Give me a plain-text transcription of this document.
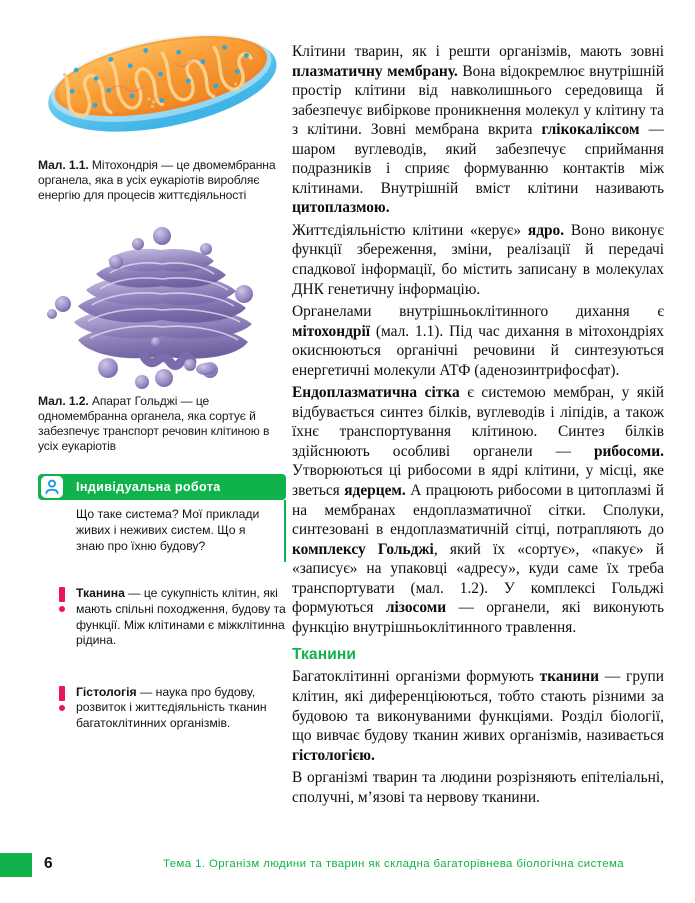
Мал. 1.1. Мітохондрія — це двомембранна органела, яка в усіх еукаріотів виробляє енергію для процесів життєдіяльності
Мал. 1.2. Апарат Гольджі — це одномембранна органела, яка сортує й забезпечує транспорт речовин клітиною в усіх еукаріотів
Індивідуальна робота

Що таке система? Мої приклади живих і неживих систем. Що я знаю про їхню будову?

Тканина — це сукупність клітин, які мають спільні походження, будову та функції. Між клітинами є міжклітинна рідина.

Гістологія — наука про будову, розвиток і життєдіяльність тканин багатоклітинних організмів.

Клітини тварин, як і решти організмів, мають зовні плазматичну мембрану. Вона відокремлює внутрішній простір клітини від навколишнього середовища й забезпечує вибіркове проникнення молекул у клітину та з клітини. Зовні мембрана вкрита глікокаліксом — шаром вуглеводів, який забезпечує сприймання подразників і сприяє формуванню контактів між клітинами. Внутрішній вміст клітини називають цитоплазмою.

Життєдіяльністю клітини «керує» ядро. Воно виконує функції збереження, зміни, реалізації й передачі спадкової інформації, бо містить записану в молекулах ДНК генетичну інформацію.

Органелами внутрішньоклітинного дихання є мітохондрії (мал. 1.1). Під час дихання в мітохондріях окиснюються органічні речовини й синтезуються енергетичні молекули АТФ (аденозинтрифосфат).

Ендоплазматична сітка є системою мембран, у якій відбувається синтез білків, вуглеводів і ліпідів, а також їхнє транспортування клітиною. Синтез білків здійснюють особливі органели — рибосоми. Утворюються ці рибосоми в ядрі клітини, у місці, яке зветься ядерцем. А працюють рибосоми в цитоплазмі й на мембранах ендоплазматичної сітки. Сполуки, синтезовані в ендоплазматичній сітці, потрапляють до комплексу Гольджі, який їх «сортує», «пакує» й «записує» на упаковці «адресу», куди саме їх треба транспортувати (мал. 1.2). У комплексі Гольджі формуються лізосоми — органели, які виконують функцію внутрішньоклітинного травлення.

Тканини

Багатоклітинні організми формують тканини — групи клітин, які диференціюються, тобто стають різними за будовою та виконуваними функціями. Розділ біології, що вивчає будову тканин живих організмів, називається гістологією.

В організмі тварин та людини розрізняють епітеліальні, сполучні, м’язові та нервову тканини.

6	Тема 1. Організм людини та тварин як складна багаторівнева біологічна система
